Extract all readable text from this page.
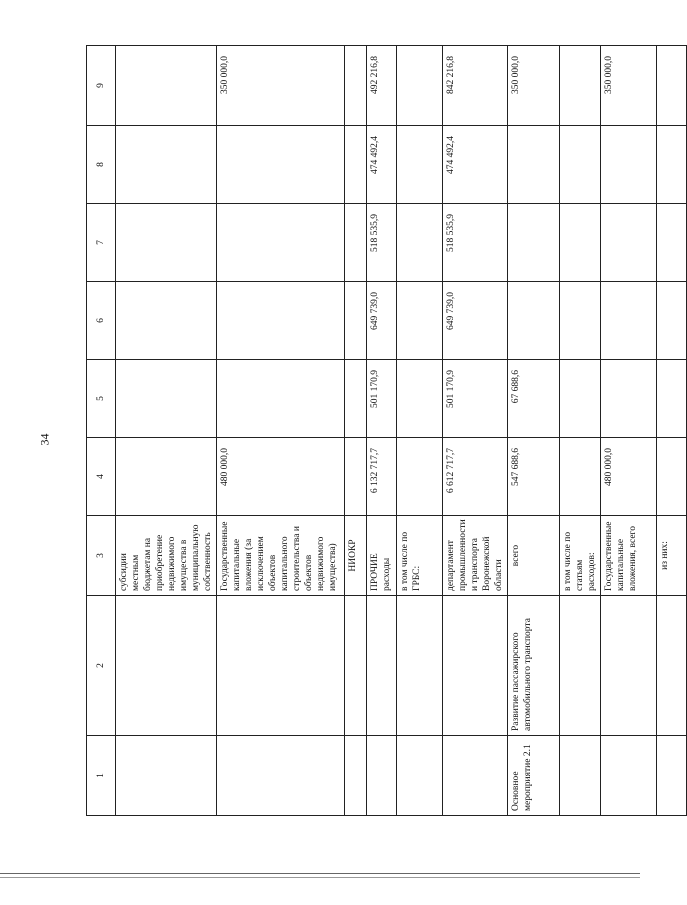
34
1	2	3	4	5	6	7	8	9
		субсидии местным бюджетам на приобретение недвижимого имущества в муниципальную собственность						
		Государственные капитальные вложения (за исключением объектов капитального строительства и объектов недвижимого имущества)	480 000,0					350 000,0
		НИОКР						
		ПРОЧИЕ расходы	6 132 717,7	501 170,9	649 739,0	518 535,9	474 492,4	492 216,8
		в том числе по ГРБС:						
		департамент промышленности и транспорта Воронежской области	6 612 717,7	501 170,9	649 739,0	518 535,9	474 492,4	842 216,8
Основное мероприятие 2.1	Развитие пассажирского автомобильного транспорта	всего	547 688,6	67 688,6				350 000,0
		в том числе по статьям расходов:						
		Государственные капитальные вложения, всего	480 000,0					350 000,0
		из них:						
